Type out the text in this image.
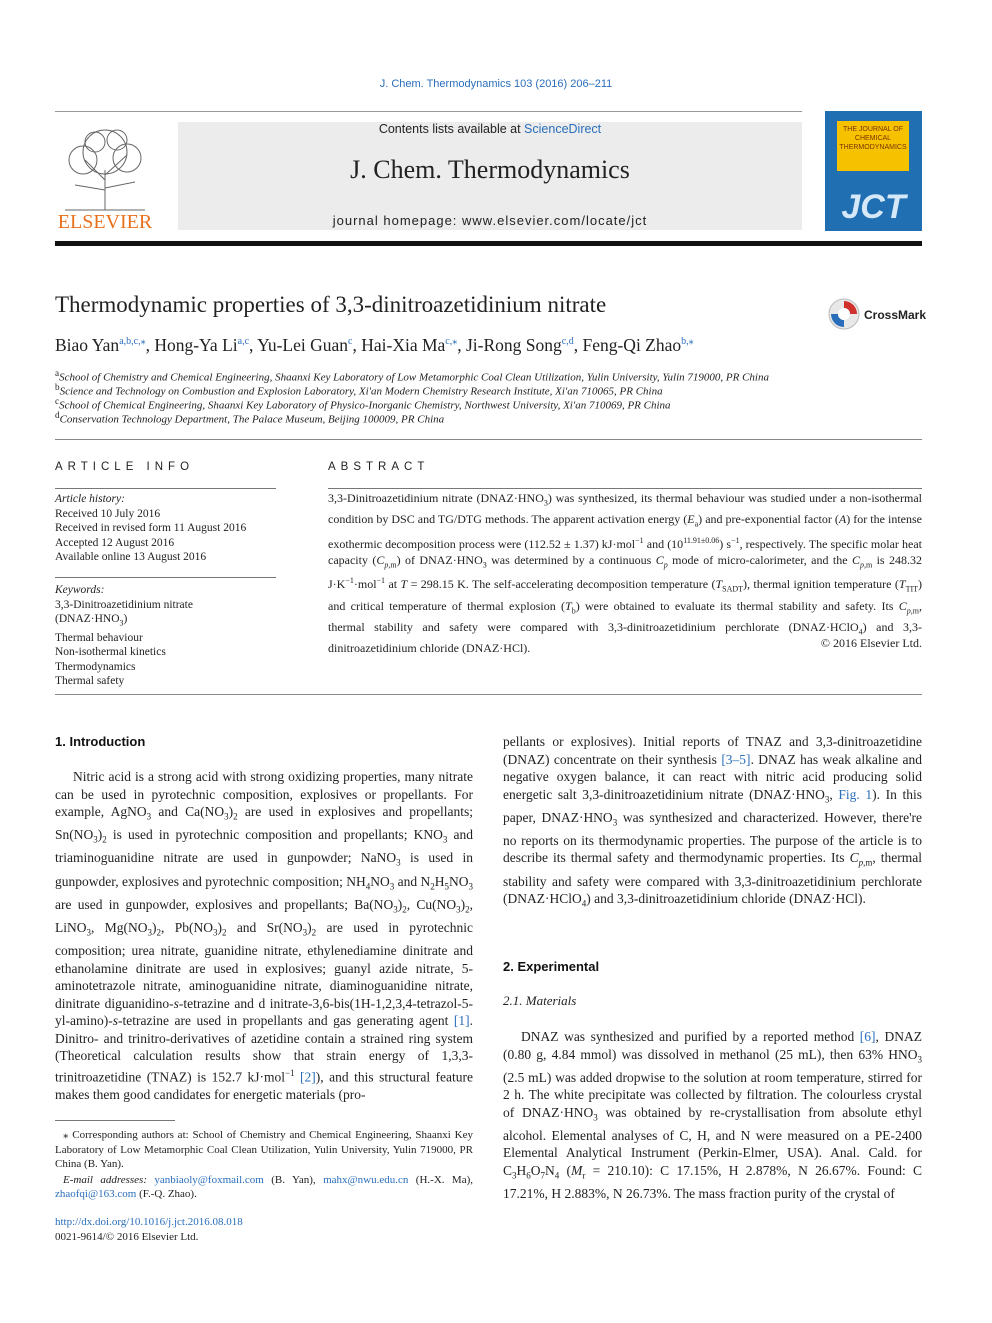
J. Chem. Thermodynamics 103 (2016) 206–211
ELSEVIER
Contents lists available at ScienceDirect
J. Chem. Thermodynamics
journal homepage: www.elsevier.com/locate/jct
THE JOURNAL OF CHEMICAL THERMODYNAMICS
JCT
Thermodynamic properties of 3,3-dinitroazetidinium nitrate	CrossMark
Biao Yan$^{a,b,c,⁎}$, Hong-Ya Li$^{a,c}$, Yu-Lei Guan$^c$, Hai-Xia $Ma^{c,⁎}$, Ji-Rong Song$^{c,d}$, Feng-Qi Zhao$^{b,⁎}$
$^a$School of Chemistry and Chemical Engineering, Shaanxi Key Laboratory of Low Metamorphic Coal Clean Utilization, Yulin University, Yulin 719000, PR China
$^b$Science and Technology on Combustion and Explosion Laboratory, Xi'an Modern Chemistry Research Institute, Xi'an 710065, PR China
$^c$School of Chemical Engineering, Shaanxi Key Laboratory of Physico-Inorganic Chemistry, Northwest University, Xi'an 710069, PR China
$^d$Conservation Technology Department, The Palace Museum, Beijing 100009, PR China
ARTICLE INFO
Article history:
Received 10 July 2016
Received in revised form 11 August 2016
Accepted 12 August 2016
Available online 13 August 2016
Keywords:
3,3-Dinitroazetidinium nitrate
$(DNAZ\cdot HNO_3)$
Thermal behaviour
Non-isothermal kinetics
Thermodynamics
Thermal safety
ABSTRACT
3,3-Dinitroazetidinium nitrate $(DNAZ\cdot HNO_3)$ was synthesized, its thermal behaviour was studied under a non-isothermal condition by DSC and TG/DTG methods. The apparent activation energy $(E_a)$ and pre-exponential factor (A) for the intense exothermic decomposition process were (112.52 ± 1.37) kJ·mol$^{-1}$ and $(10^{11.91\pm 0.06})$ $s^{-1}$, respectively. The specific molar heat capacity $(C_{p,m})$ of $DNAZ\cdot HNO_3$ was determined by a continuous $C_p$ mode of micro-calorimeter, and the $C_{p,m}$ is 248.32 $J\cdot K^{-1}\cdot mol^{-1}$ at T = 298.15 K. The self-accelerating decomposition temperature $(T_{SADT})$, thermal ignition temperature $(T_{TIT})$ and critical temperature of thermal explosion $(T_b)$ were obtained to evaluate its thermal stability and safety. Its $C_{p,m}$, thermal stability and safety were compared with 3,3-dinitroazetidinium perchlorate (DNAZ·HClO$_4$) and 3,3-dinitroazetidinium chloride (DNAZ·HCl).	© 2016 Elsevier Ltd.
1. Introduction

Nitric acid is a strong acid with strong oxidizing properties, many nitrate can be used in pyrotechnic composition, explosives or propellants. For example, AgNO$_3$ and $Ca(NO_3)_2$ are used in explosives and propellants; $Sn(NO_3)_2$ is used in pyrotechnic composition and propellants; $KNO_3$ and triaminoguanidine nitrate are used in gunpowder; NaNO$_3$ is used in gunpowder, explosives and pyrotechnic composition; $NH_4NO_3$ and $N_2H_5NO_3$ are used in gunpowder, explosives and propellants; $Ba(NO_3)_2$, $Cu(NO_3)_2$, LiNO$_3$, $Mg(NO_3)_2$, $Pb(NO_3)_2$ and $Sr(NO_3)_2$ are used in pyrotechnic composition; urea nitrate, guanidine nitrate, ethylenediamine dinitrate and ethanolamine dinitrate are used in explosives; guanyl azide nitrate, 5-aminotetrazole nitrate, aminoguanidine nitrate, diaminoguanidine nitrate, dinitrate diguanidino-s-tetrazine and d initrate-3,6-bis(1H-1,2,3,4-tetrazol-5-yl-amino)-s-tetrazine are used in propellants and gas generating agent [1]. Dinitro- and trinitro-derivatives of azetidine contain a strained ring system (Theoretical calculation results show that strain energy of 1,3,3-trinitroazetidine (TNAZ) is 152.7 kJ·mol$^{-1}$ [2]), and this structural feature makes them good candidates for energetic materials (pro-

⁎ Corresponding authors at: School of Chemistry and Chemical Engineering, Shaanxi Key Laboratory of Low Metamorphic Coal Clean Utilization, Yulin University, Yulin 719000, PR China (B. Yan).
E-mail addresses: yanbiaoly@foxmail.com (B. Yan), mahx@nwu.edu.cn (H.-X. Ma), zhaofqi@163.com (F.-Q. Zhao).
http://dx.doi.org/10.1016/j.jct.2016.08.018
0021-9614/© 2016 Elsevier Ltd.

pellants or explosives). Initial reports of TNAZ and 3,3-dinitroazetidine (DNAZ) concentrate on their synthesis [3–5]. DNAZ has weak alkaline and negative oxygen balance, it can react with nitric acid producing solid energetic salt 3,3-dinitroazetidinium nitrate ($DNAZ\cdot HNO_3$, Fig. 1). In this paper, $DNAZ\cdot HNO_3$ was synthesized and characterized. However, there're no reports on its thermodynamic properties. The purpose of the article is to describe its thermal safety and thermodynamic properties. Its $C_{p,m}$, thermal stability and safety were compared with 3,3-dinitroazetidinium perchlorate (DNAZ·HClO$_4$) and 3,3-dinitroazetidinium chloride (DNAZ·HCl).

2. Experimental
2.1. Materials

DNAZ was synthesized and purified by a reported method [6], DNAZ (0.80 g, 4.84 mmol) was dissolved in methanol (25 mL), then 63% $HNO_3$ (2.5 mL) was added dropwise to the solution at room temperature, stirred for 2 h. The white precipitate was collected by filtration. The colourless crystal of $DNAZ\cdot HNO_3$ was obtained by re-crystallisation from absolute ethyl alcohol. Elemental analyses of C, H, and N were measured on a PE-2400 Elemental Analytical Instrument (Perkin-Elmer, USA). Anal. Cald. for $C_3H_6O_7N_4$ $(M_r = 210.10)$: C 17.15%, H 2.878%, N 26.67%. Found: C 17.21%, H 2.883%, N 26.73%. The mass fraction purity of the crystal of
